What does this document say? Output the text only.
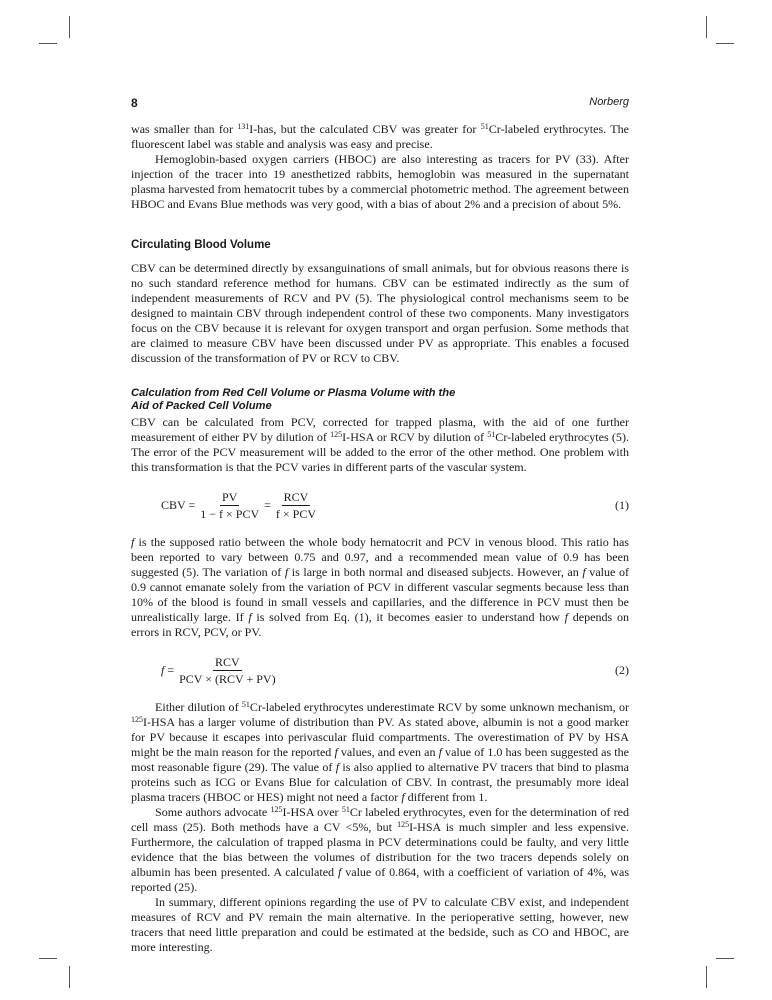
8	Norberg

was smaller than for $^{131}$I-has, but the calculated CBV was greater for $^{51}$Cr-labeled erythrocytes. The fluorescent label was stable and analysis was easy and precise.

Hemoglobin-based oxygen carriers (HBOC) are also interesting as tracers for PV (33). After injection of the tracer into 19 anesthetized rabbits, hemoglobin was measured in the supernatant plasma harvested from hematocrit tubes by a commercial photometric method. The agreement between HBOC and Evans Blue methods was very good, with a bias of about 2% and a precision of about 5%.

Circulating Blood Volume

CBV can be determined directly by exsanguinations of small animals, but for obvious reasons there is no such standard reference method for humans. CBV can be estimated indirectly as the sum of independent measurements of RCV and PV (5). The physiological control mechanisms seem to be designed to maintain CBV through independent control of these two components. Many investigators focus on the CBV because it is relevant for oxygen transport and organ perfusion. Some methods that are claimed to measure CBV have been discussed under PV as appropriate. This enables a focused discussion of the transformation of PV or RCV to CBV.

Calculation from Red Cell Volume or Plasma Volume with the
Aid of Packed Cell Volume

CBV can be calculated from PCV, corrected for trapped plasma, with the aid of one further measurement of either PV by dilution of $^{125}$I-HSA or RCV by dilution of $^{51}$Cr-labeled erythrocytes (5). The error of the PCV measurement will be added to the error of the other method. One problem with this transformation is that the PCV varies in different parts of the vascular system.

CBV = $\frac{PV}{\text{1 − f × PCV}} = \frac{\text{RCV}}{\text{f × PCV}}$	(1)

f is the supposed ratio between the whole body hematocrit and PCV in venous blood. This ratio has been reported to vary between 0.75 and 0.97, and a recommended mean value of 0.9 has been suggested (5). The variation of f is large in both normal and diseased subjects. However, an f value of 0.9 cannot emanate solely from the variation of PCV in different vascular segments because less than 10% of the blood is found in small vessels and capillaries, and the difference in PCV must then be unrealistically large. If f is solved from Eq. (1), it becomes easier to understand how f depends on errors in RCV, PCV, or PV.

$f = \frac{\text{RCV}}{\text{PCV × (RCV + PV)}}$	(2)

Either dilution of $^{51}$Cr-labeled erythrocytes underestimate RCV by some unknown mechanism, or $^{125}$I-HSA has a larger volume of distribution than PV. As stated above, albumin is not a good marker for PV because it escapes into perivascular fluid compartments. The overestimation of PV by HSA might be the main reason for the reported f values, and even an f value of 1.0 has been suggested as the most reasonable figure (29). The value of f is also applied to alternative PV tracers that bind to plasma proteins such as ICG or Evans Blue for calculation of CBV. In contrast, the presumably more ideal plasma tracers (HBOC or HES) might not need a factor f different from 1.

Some authors advocate $^{125}$I-HSA over $^{51}$Cr labeled erythrocytes, even for the determination of red cell mass (25). Both methods have a CV <5%, but $^{125}$I-HSA is much simpler and less expensive. Furthermore, the calculation of trapped plasma in PCV determinations could be faulty, and very little evidence that the bias between the volumes of distribution for the two tracers depends solely on albumin has been presented. A calculated f value of 0.864, with a coefficient of variation of 4%, was reported (25).

In summary, different opinions regarding the use of PV to calculate CBV exist, and independent measures of RCV and PV remain the main alternative. In the perioperative setting, however, new tracers that need little preparation and could be estimated at the bedside, such as CO and HBOC, are more interesting.
